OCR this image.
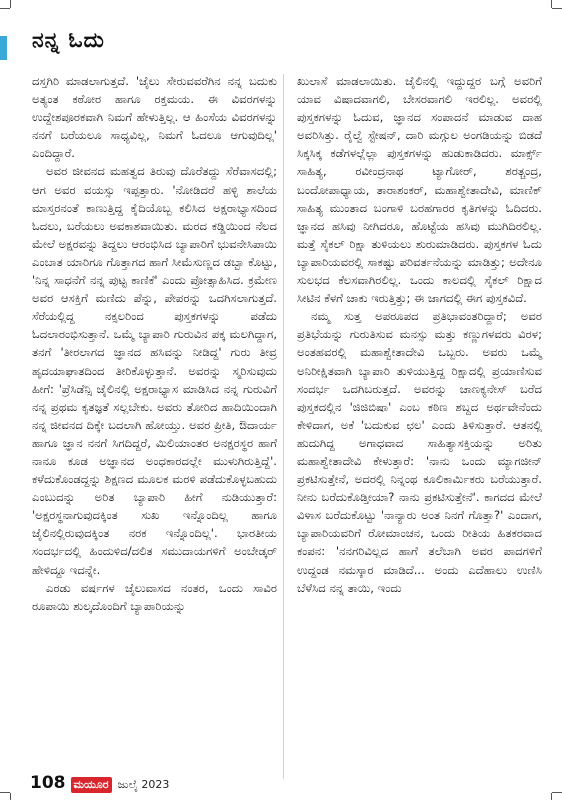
ನನ್ನ ಓದು

ದಸ್ತಗಿರಿ ಮಾಡಲಾಗುತ್ತದೆ. 'ಜೈಲು ಸೇರುವವರೆಗಿನ ನನ್ನ ಬದುಕು ಅತ್ಯಂತ ಕಠೋರ ಹಾಗೂ ರಕ್ತಮಯ. ಈ ವಿವರಗಳನ್ನು ಉದ್ದೇಶಪೂರಕವಾಗಿ ನಿಮಗೆ ಹೇಳುತ್ತಿಲ್ಲ. ಆ ಹಿಂಸೆಯ ವಿವರಗಳನ್ನು ನನಗೆ ಬರೆಯಲೂ ಸಾಧ್ಯವಿಲ್ಲ, ನಿಮಗೆ ಓದಲೂ ಆಗುವುದಿಲ್ಲ' ಎಂದಿದ್ದಾರೆ.

ಅವರ ಜೀವನದ ಮಹತ್ವದ ತಿರುವು ದೊರೆತದ್ದು ಸೆರೆವಾಸದಲ್ಲಿ; ಆಗ ಅವರ ವಯಸ್ಸು ಇಪ್ಪತ್ತಾರು. 'ನೋಡಿದರೆ ಹಳ್ಳಿ ಶಾಲೆಯ ಮಾಸ್ತರನಂತೆ ಕಾಣುತ್ತಿದ್ದ ಕೈದಿಯೊಬ್ಬ ಕಲಿಸಿದ ಅಕ್ಷರಾಭ್ಯಾಸದಿಂದ ಓದಲು, ಬರೆಯಲು ಅವಕಾಶವಾಯಿತು. ಮರದ ಕಡ್ಡಿಯಿಂದ ನೆಲದ ಮೇಲೆ ಅಕ್ಷರವನ್ನು ತಿದ್ದಲು ಆರಂಭಿಸಿದ ಬ್ಯಾಪಾರಿಗೆ ಭುವನೇಸಿಪಾಯಿ ಎಂಬಾತ ಯಾರಿಗೂ ಗೊತ್ತಾಗದ ಹಾಗೆ ಸೀಮೆಸುಣ್ಣದ ಡಬ್ಬಾ ಕೊಟ್ಟು, 'ನಿನ್ನ ಸಾಧನೆಗೆ ನನ್ನ ಪುಟ್ಟ ಕಾಣಿಕೆ' ಎಂದು ಪ್ರೋತ್ಸಾಹಿಸಿದ. ಕ್ರಮೇಣ ಅವರ ಆಸಕ್ತಿಗೆ ಮಣಿದು ಪೆನ್ನು, ಪೇಪರನ್ನು ಒದಗಿಸಲಾಗುತ್ತದೆ. ಸೆರೆಯಲ್ಲಿದ್ದ ನಕ್ಸಲರಿಂದ ಪುಸ್ತಕಗಳನ್ನು ಪಡೆದು ಓದಲಾರಂಭಿಸುತ್ತಾನೆ. ಒಮ್ಮೆ ಬ್ಯಾಪಾರಿ ಗುರುವಿನ ಪಕ್ಕ ಮಲಗಿದ್ದಾಗ, ತನಗೆ 'ತೀರಲಾಗದ ಜ್ಞಾನದ ಹಸಿವನ್ನು ನೀಡಿದ್ದ' ಗುರು ತೀವ್ರ ಹೃದಯಾಘಾತದಿಂದ ತೀರಿಕೊಳ್ಳುತ್ತಾನೆ. ಅವರನ್ನು ಸ್ಮರಿಸುವುದು ಹೀಗೆ: 'ಪ್ರೆಸಿಡೆನ್ಸಿ ಜೈಲಿನಲ್ಲಿ ಅಕ್ಷರಾಭ್ಯಾಸ ಮಾಡಿಸಿದ ನನ್ನ ಗುರುವಿಗೆ ನನ್ನ ಪ್ರಥಮ ಕೃತಜ್ಞತೆ ಸಲ್ಲಬೇಕು. ಅವರು ತೋರಿದ ಹಾದಿಯಿಂದಾಗಿ ನನ್ನ ಜೀವನದ ದಿಕ್ಕೇ ಬದಲಾಗಿ ಹೋಯ್ತು. ಅವರ ಪ್ರೀತಿ, ಔದಾರ್ಯ ಹಾಗೂ ಜ್ಞಾನ ನನಗೆ ಸಿಗದಿದ್ದರೆ, ಮಿಲಿಯಾಂತರ ಅನಕ್ಷರಸ್ಥರ ಹಾಗೆ ನಾನೂ ಕೂಡ ಅಜ್ಞಾನದ ಅಂಧಕಾರದಲ್ಲೇ ಮುಳುಗಿರುತ್ತಿದ್ದೆ'. ಕಳೆದುಕೊಂಡದ್ದನ್ನು ಶಿಕ್ಷಣದ ಮೂಲಕ ಮರಳಿ ಪಡೆದುಕೊಳ್ಳಬಹುದು ಎಂಬುದನ್ನು ಅರಿತ ಬ್ಯಾಪಾರಿ ಹೀಗೆ ನುಡಿಯುತ್ತಾರೆ: 'ಅಕ್ಷರಸ್ಥನಾಗುವುದಕ್ಕಿಂತ ಸುಖ ಇನ್ನೊಂದಿಲ್ಲ ಹಾಗೂ ಜೈಲಿನಲ್ಲಿರುವುದಕ್ಕಿಂತ ನರಕ ಇನ್ನೊಂದಿಲ್ಲ'. ಭಾರತೀಯ ಸಂದರ್ಭದಲ್ಲಿ ಹಿಂದುಳಿದ/ದಲಿತ ಸಮುದಾಯಗಳಿಗೆ ಅಂಬೇಡ್ಕರ್ ಹೇಳಿದ್ದೂ ಇದನ್ನೇ.

ಎರಡು ವರ್ಷಗಳ ಜೈಲುವಾಸದ ನಂತರ, ಒಂದು ಸಾವಿರ ರೂಪಾಯಿ ಶುಲ್ಕದೊಂದಿಗೆ ಬ್ಯಾಪಾರಿಯನ್ನು

ಖುಲಾಸೆ ಮಾಡಲಾಯಿತು. ಜೈಲಿನಲ್ಲಿ ಇದ್ದುದ್ದರ ಬಗ್ಗೆ ಅವರಿಗೆ ಯಾವ ವಿಷಾದವಾಗಲಿ, ಬೇಸರವಾಗಲಿ ಇರಲಿಲ್ಲ. ಅವರಲ್ಲಿ ಪುಸ್ತಕಗಳನ್ನು ಓದುವ, ಜ್ಞಾನದ ಸಂಪಾದನೆ ಮಾಡುವ ದಾಹ ಅವರಿಸಿತ್ತು. ರೈಲ್ವೆ ಸ್ಟೇಷನ್, ದಾರಿ ಮಗ್ಗುಲ ಅಂಗಡಿಯನ್ನು ಬಿಡದೆ ಸಿಕ್ಕಸಿಕ್ಕ ಕಡೆಗಳಲ್ಲೆಲ್ಲಾ ಪುಸ್ತಕಗಳನ್ನು ಹುಡುಕಾಡಿದರು. ಮಾರ್ಕ್ಸ್ ಸಾಹಿತ್ಯ, ರವೀಂದ್ರನಾಥ ಟ್ಯಾಗೋರ್, ಶರತ್ಚಂದ್ರ, ಬಂದೋಪಾಧ್ಯಾಯ, ತಾರಾಶಂಕರ್, ಮಹಾಶ್ವೇತಾದೇವಿ, ಮಾಣಿಕ್ ಸಾಹಿತ್ಯ ಮುಂತಾದ ಬಂಗಾಳಿ ಬರಹಗಾರರ ಕೃತಿಗಳನ್ನು ಓದಿದರು. ಜ್ಞಾನದ ಹಸಿವು ನೀಗಿದರೂ, ಹೊಟ್ಟೆಯ ಹಸಿವು ಮುಗಿದಿರಲಿಲ್ಲ. ಮತ್ತೆ ಸೈಕಲ್ ರಿಕ್ಷಾ ತುಳಿಯಲು ಶುರುಮಾಡಿದರು. ಪುಸ್ತಕಗಳ ಓದು ಬ್ಯಾಪಾರಿಯವರಲ್ಲಿ ಸಾಕಷ್ಟು ಪರಿವರ್ತನೆಯನ್ನು ಮಾಡಿತ್ತು; ಅದೇನೂ ಸುಲಭದ ಕೆಲಸವಾಗಿರಲಿಲ್ಲ. ಒಂದು ಕಾಲದಲ್ಲಿ ಸೈಕಲ್ ರಿಕ್ಷಾದ ಸೀಟಿನ ಕೆಳಗೆ ಚಾಕು ಇರುತ್ತಿತ್ತು; ಈ ಜಾಗದಲ್ಲಿ ಈಗ ಪುಸ್ತಕವಿದೆ.

ನಮ್ಮ ಸುತ್ತ ಅಪರೂಪದ ಪ್ರತಿಭಾವಂತರಿದ್ದಾರೆ; ಅವರ ಪ್ರತಿಭೆಯನ್ನು ಗುರುತಿಸುವ ಮನಸ್ಸು ಮತ್ತು ಕಣ್ಣುಗಳವರು ವಿರಳ; ಅಂತಹವರಲ್ಲಿ ಮಹಾಶ್ವೇತಾದೇವಿ ಒಬ್ಬರು. ಅವರು ಒಮ್ಮೆ ಅನಿರೀಕ್ಷಿತವಾಗಿ ಬ್ಯಾಪಾರಿ ತುಳಿಯುತ್ತಿದ್ದ ರಿಕ್ಷಾದಲ್ಲಿ ಪ್ರಯಾಣಿಸುವ ಸಂದರ್ಭ ಒದಗಿಬರುತ್ತದೆ. ಅವರನ್ನು ಚಾಣಕ್ಯನೇಸ್ ಬರೆದ ಪುಸ್ತಕದಲ್ಲಿನ 'ಜಿಜಿಬಿಷಾ' ಎಂಬ ಕಠಿಣ ಶಬ್ದದ ಅರ್ಥವೇನೆಂದು ಕೇಳಿದಾಗ, ಅಕೆ 'ಬದುಕುವ ಛಲ' ಎಂದು ತಿಳಿಸುತ್ತಾರೆ. ಆತನಲ್ಲಿ ಹುದುಗಿದ್ದ ಅಗಾಧವಾದ ಸಾಹಿತ್ಯಾಸಕ್ತಿಯನ್ನು ಅರಿತು ಮಹಾಶ್ವೇತಾದೇವಿ ಕೇಳುತ್ತಾರೆ: 'ನಾನು ಒಂದು ಮ್ಯಾಗಜೀನ್ ಪ್ರಕಟಿಸುತ್ತೇನೆ, ಅದರಲ್ಲಿ ನಿನ್ನಂಥ ಕೂಲಿಕಾರ್ಮಿಕರು ಬರೆಯುತ್ತಾರೆ. ನೀನು ಬರೆದುಕೊಡ್ತೀಯಾ? ನಾನು ಪ್ರಕಟಿಸುತ್ತೇನೆ'. ಕಾಗದದ ಮೇಲೆ ವಿಳಾಸ ಬರೆದುಕೊಟ್ಟು 'ನಾನ್ಯಾರು ಅಂತ ನಿನಗೆ ಗೊತ್ತಾ?' ಎಂದಾಗ, ಬ್ಯಾಪಾರಿಯವರಿಗೆ ರೋಮಾಂಚನ, ಒಂದು ರೀತಿಯ ಹಿತಕರವಾದ ಕಂಪನ: 'ನನಗರಿವಿಲ್ಲದ ಹಾಗೆ ತಲೆಬಾಗಿ ಅವರ ಪಾದಗಳಿಗೆ ಉದ್ದಂಡ ನಮಸ್ಕಾರ ಮಾಡಿದೆ... ಅಂದು ಎದೆಹಾಲು ಉಣಿಸಿ ಬೆಳೆಸಿದ ನನ್ನ ತಾಯಿ, ಇಂದು

108 ಮಯೂರ ಜುಲೈ 2023
